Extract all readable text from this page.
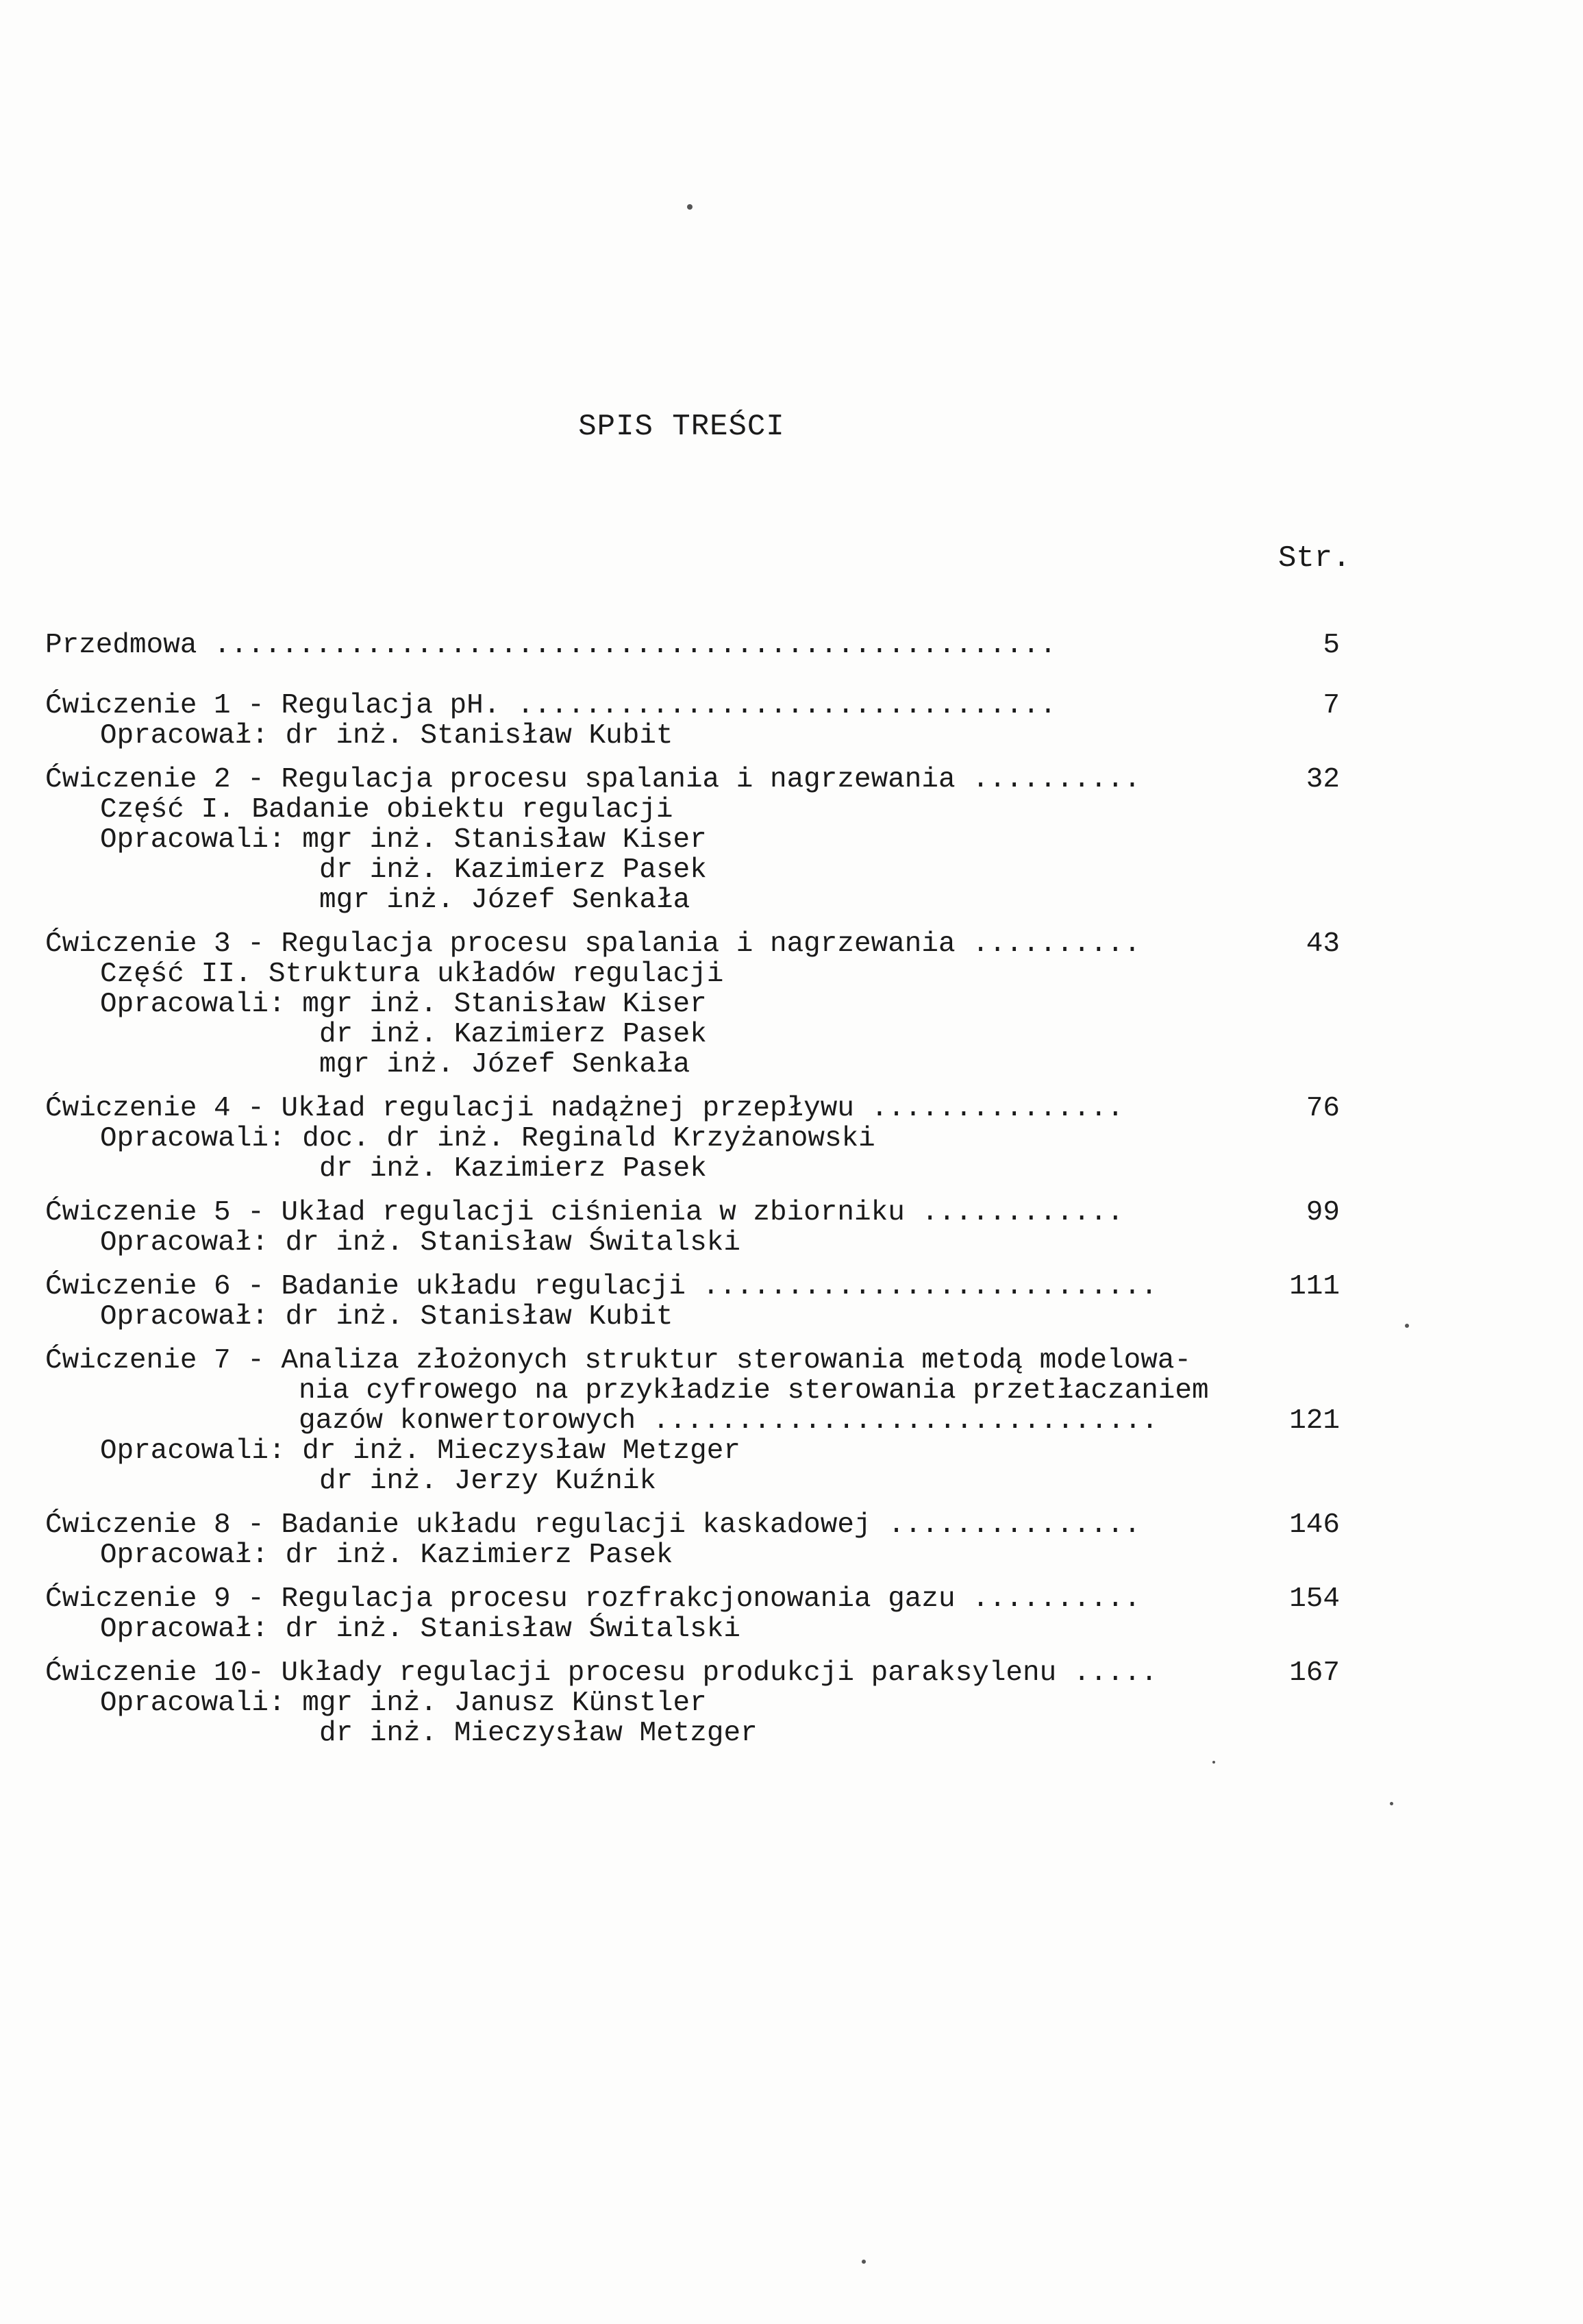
SPIS TREŚCI
Str.
Przedmowa ..................................................	5
Ćwiczenie 1 - Regulacja pH. ................................	7
Opracował: dr inż. Stanisław Kubit
Ćwiczenie 2 - Regulacja procesu spalania i nagrzewania ..........	32
Część I. Badanie obiektu regulacji
Opracowali: mgr inż. Stanisław Kiser
dr inż. Kazimierz Pasek
mgr inż. Józef Senkała
Ćwiczenie 3 - Regulacja procesu spalania i nagrzewania ..........	43
Część II. Struktura układów regulacji
Opracowali: mgr inż. Stanisław Kiser
dr inż. Kazimierz Pasek
mgr inż. Józef Senkała
Ćwiczenie 4 - Układ regulacji nadążnej przepływu ...............	76
Opracowali: doc. dr inż. Reginald Krzyżanowski
dr inż. Kazimierz Pasek
Ćwiczenie 5 - Układ regulacji ciśnienia w zbiorniku ............	99
Opracował: dr inż. Stanisław Świtalski
Ćwiczenie 6 - Badanie układu regulacji ...........................	111
Opracował: dr inż. Stanisław Kubit
Ćwiczenie 7 - Analiza złożonych struktur sterowania metodą modelowa-
nia cyfrowego na przykładzie sterowania przetłaczaniem
gazów konwertorowych ..............................	121
Opracowali: dr inż. Mieczysław Metzger
dr inż. Jerzy Kuźnik
Ćwiczenie 8 - Badanie układu regulacji kaskadowej ...............	146
Opracował: dr inż. Kazimierz Pasek
Ćwiczenie 9 - Regulacja procesu rozfrakcjonowania gazu ..........	154
Opracował: dr inż. Stanisław Świtalski
Ćwiczenie 10- Układy regulacji procesu produkcji paraksylenu .....	167
Opracowali: mgr inż. Janusz Künstler
dr inż. Mieczysław Metzger
